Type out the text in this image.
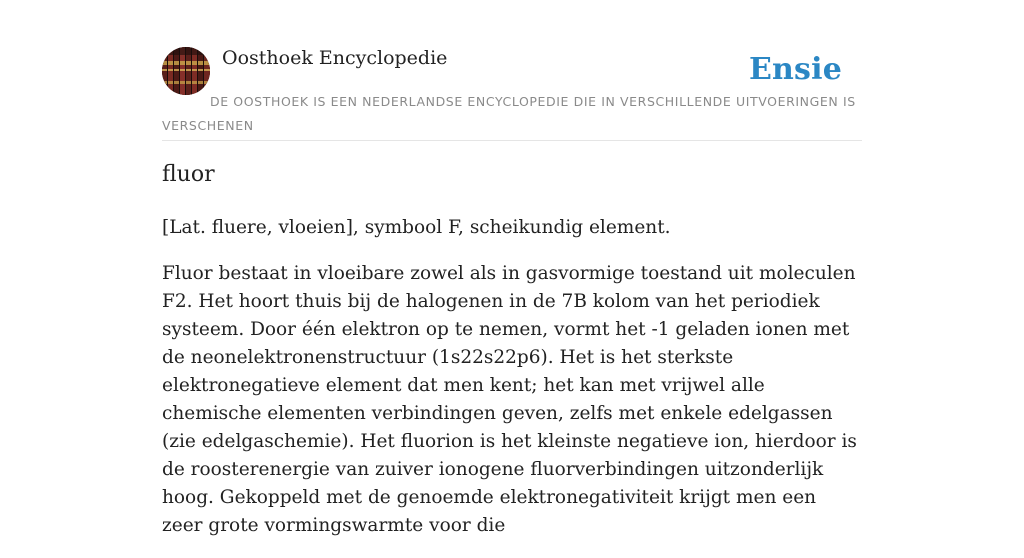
Oosthoek Encyclopedie	Ensie

DE OOSTHOEK IS EEN NEDERLANDSE ENCYCLOPEDIE DIE IN VERSCHILLENDE UITVOERINGEN IS VERSCHENEN

fluor

[Lat. fluere, vloeien], symbool F, scheikundig element.

Fluor bestaat in vloeibare zowel als in gasvormige toestand uit moleculen F2. Het hoort thuis bij de halogenen in de 7B kolom van het periodiek systeem. Door één elektron op te nemen, vormt het -1 geladen ionen met de neonelektronenstructuur (1s22s22p6). Het is het sterkste elektronegatieve element dat men kent; het kan met vrijwel alle chemische elementen verbindingen geven, zelfs met enkele edelgassen (zie edelgaschemie). Het fluorion is het kleinste negatieve ion, hierdoor is de roosterenergie van zuiver ionogene fluorverbindingen uitzonderlijk hoog. Gekoppeld met de genoemde elektronegativiteit krijgt men een zeer grote vormingswarmte voor die
